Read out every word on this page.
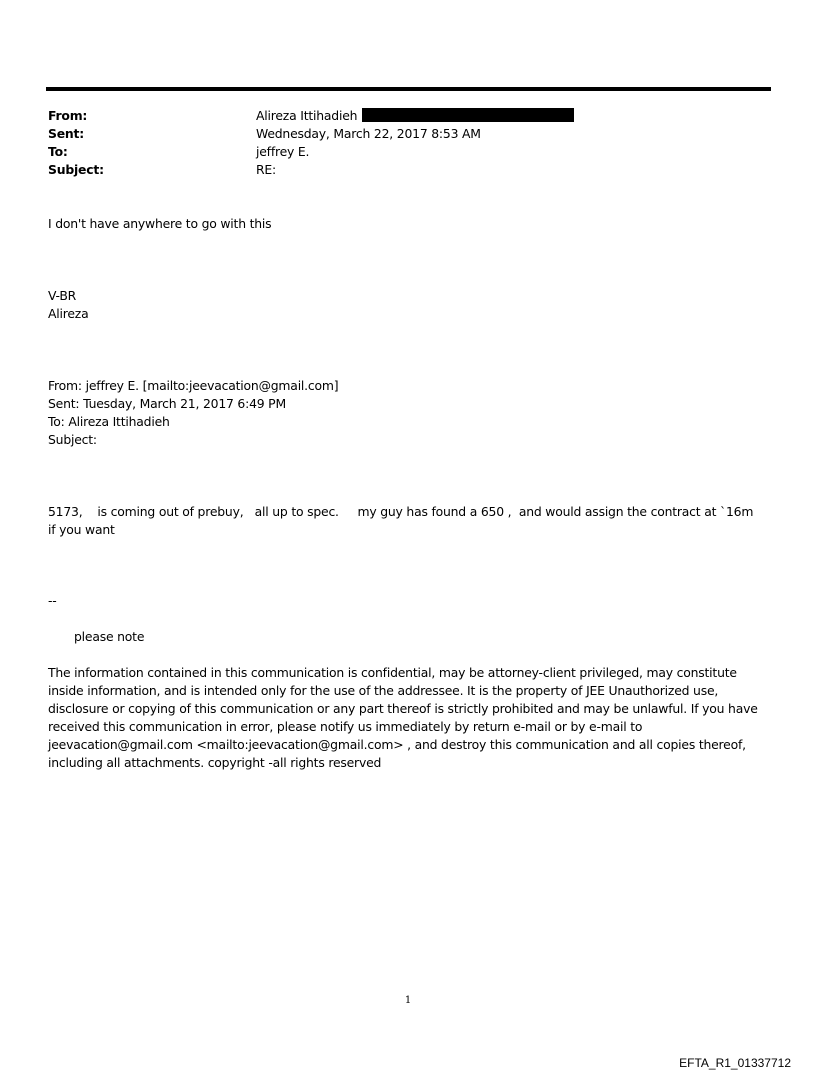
From:	Alireza Ittihadieh
Sent:	Wednesday, March 22, 2017 8:53 AM
To:	jeffrey E.
Subject:	RE:
I don't have anywhere to go with this
V-BR
Alireza
From: jeffrey E. [mailto:jeevacation@gmail.com]
Sent: Tuesday, March 21, 2017 6:49 PM
To: Alireza Ittihadieh
Subject:
5173,    is coming out of prebuy,   all up to spec.     my guy has found a 650 ,  and would assign the contract at `16m   if you want
--
please note
The information contained in this communication is confidential, may be attorney-client privileged, may constitute inside information, and is intended only for the use of the addressee. It is the property of JEE Unauthorized use, disclosure or copying of this communication or any part thereof is strictly prohibited and may be unlawful. If you have received this communication in error, please notify us immediately by return e-mail or by e-mail to jeevacation@gmail.com <mailto:jeevacation@gmail.com> , and destroy this communication and all copies thereof, including all attachments. copyright -all rights reserved
1
EFTA_R1_01337712
